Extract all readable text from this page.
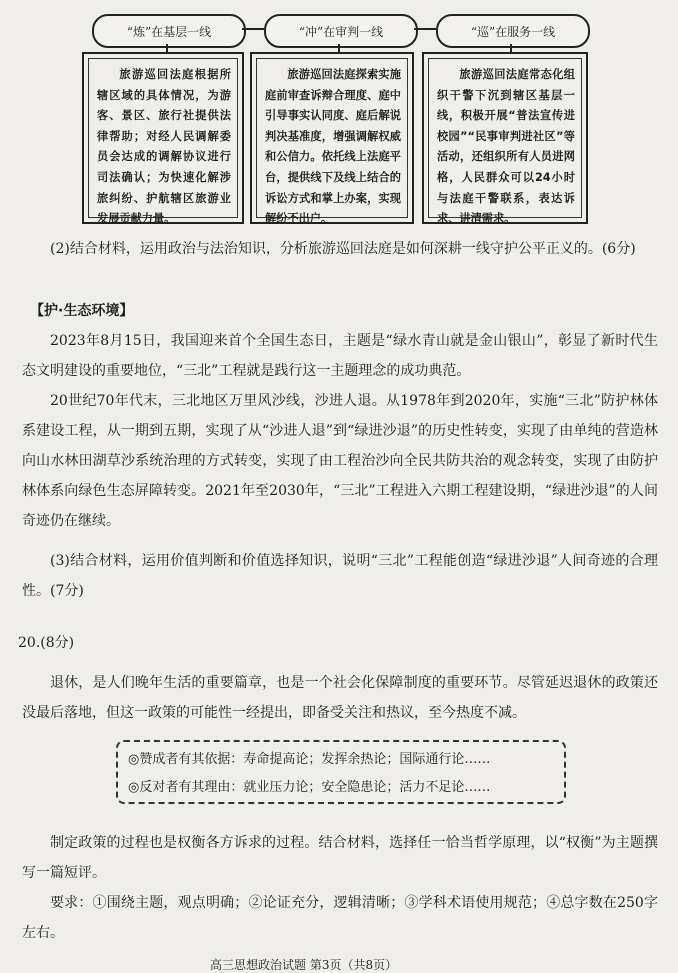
“炼”在基层一线	“冲”在审判一线	“巡”在服务一线
旅游巡回法庭根据所辖区域的具体情况，为游客、景区、旅行社提供法律帮助；对经人民调解委员会达成的调解协议进行司法确认；为快速化解涉旅纠纷、护航辖区旅游业发展贡献力量。
旅游巡回法庭探索实施庭前审查诉辩合理度、庭中引导事实认同度、庭后解说判决基准度，增强调解权威和公信力。依托线上法庭平台，提供线下及线上结合的诉讼方式和掌上办案，实现解纷不出户。
旅游巡回法庭常态化组织干警下沉到辖区基层一线，积极开展“普法宣传进校园”“民事审判进社区”等活动，还组织所有人员进网格，人民群众可以24小时与法庭干警联系，表达诉求、讲清需求。
(2)结合材料，运用政治与法治知识，分析旅游巡回法庭是如何深耕一线守护公平正义的。(6分)
【护·生态环境】
2023年8月15日，我国迎来首个全国生态日，主题是“绿水青山就是金山银山”，彰显了新时代生态文明建设的重要地位，“三北”工程就是践行这一主题理念的成功典范。
20世纪70年代末，三北地区万里风沙线，沙进人退。从1978年到2020年，实施“三北”防护林体系建设工程，从一期到五期，实现了从“沙进人退”到“绿进沙退”的历史性转变，实现了由单纯的营造林向山水林田湖草沙系统治理的方式转变，实现了由工程治沙向全民共防共治的观念转变，实现了由防护林体系向绿色生态屏障转变。2021年至2030年，“三北”工程进入六期工程建设期，“绿进沙退”的人间奇迹仍在继续。
(3)结合材料，运用价值判断和价值选择知识，说明“三北”工程能创造“绿进沙退”人间奇迹的合理性。(7分)
20.(8分)
退休，是人们晚年生活的重要篇章，也是一个社会化保障制度的重要环节。尽管延迟退休的政策还没最后落地，但这一政策的可能性一经提出，即备受关注和热议，至今热度不减。
◎赞成者有其依据：寿命提高论；发挥余热论；国际通行论……
◎反对者有其理由：就业压力论；安全隐患论；活力不足论……
制定政策的过程也是权衡各方诉求的过程。结合材料，选择任一恰当哲学原理，以“权衡”为主题撰写一篇短评。
要求：①围绕主题，观点明确；②论证充分，逻辑清晰；③学科术语使用规范；④总字数在250字左右。
高三思想政治试题 第3页（共8页）
